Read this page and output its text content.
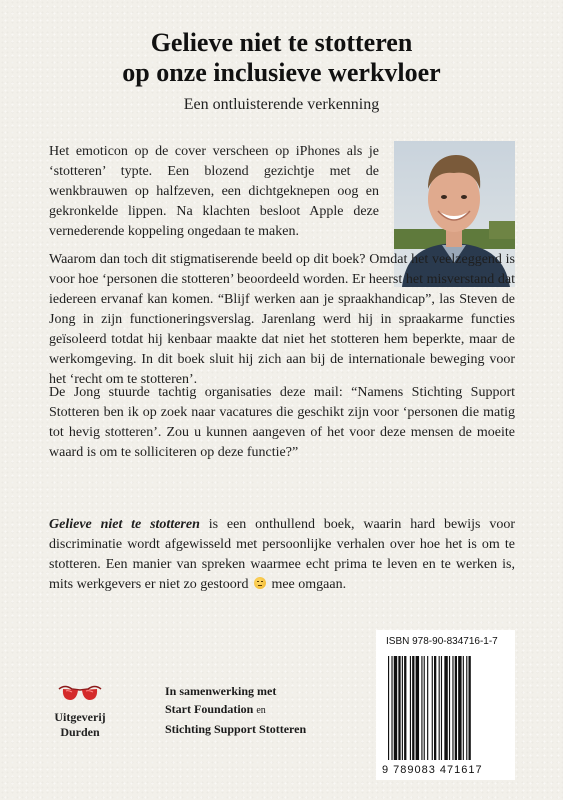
Gelieve niet te stotteren
op onze inclusieve werkvloer
Een ontluisterende verkenning

Het emoticon op de cover verscheen op iPhones als je ‘stotteren’ typte. Een blozend gezichtje met de wenkbrauwen op halfzeven, een dichtgeknepen oog en gekronkelde lippen. Na klachten besloot Apple deze vernederende koppeling ongedaan te maken.

Waarom dan toch dit stigmatiserende beeld op dit boek? Omdat het veelzeggend is voor hoe ‘personen die stotteren’ beoordeeld worden. Er heerst het misverstand dat iedereen ervanaf kan komen. “Blijf werken aan je spraakhandicap”, las Steven de Jong in zijn functioneringsverslag. Jarenlang werd hij in spraakarme functies geïsoleerd totdat hij kenbaar maakte dat niet het stotteren hem beperkte, maar de werkomgeving. In dit boek sluit hij zich aan bij de internationale beweging voor het ‘recht om te stotteren’.

De Jong stuurde tachtig organisaties deze mail: “Namens Stichting Support Stotteren ben ik op zoek naar vacatures die geschikt zijn voor ‘personen die matig tot hevig stotteren’. Zou u kunnen aangeven of het voor deze mensen de moeite waard is om te solliciteren op deze functie?”

Gelieve niet te stotteren is een onthullend boek, waarin hard bewijs voor discriminatie wordt afgewisseld met persoonlijke verhalen over hoe het is om te stotteren. Een manier van spreken waarmee echt prima te leven en te werken is, mits werkgevers er niet zo gestoord  mee omgaan.

ISBN 978-90-834716-1-7
9 789083 471617
Uitgeverij
Durden
In samenwerking met
Start Foundation en
Stichting Support Stotteren
